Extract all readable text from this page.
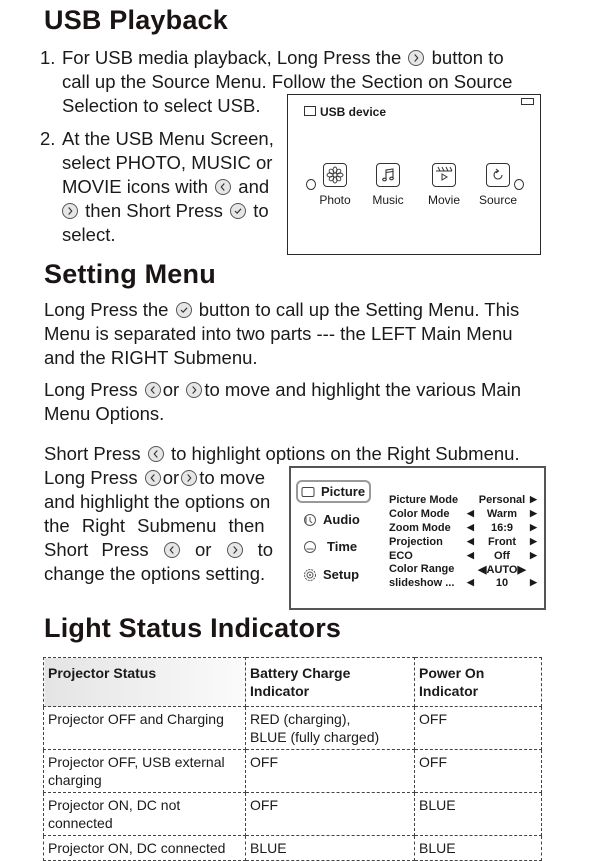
USB Playback
1. For USB media playback, Long Press the button to
call up the Source Menu. Follow the Section on Source
Selection to select USB.
2. At the USB Menu Screen,
select PHOTO, MUSIC or
MOVIE icons with and
then Short Press to
select.
USB device
Photo	Music	Movie	Source
Setting Menu
Long Press the button to call up the Setting Menu. This
Menu is separated into two parts --- the LEFT Main Menu
and the RIGHT Submenu.
Long Press or to move and highlight the various Main
Menu Options.
Short Press to highlight options on the Right Submenu.
Long Press or to move
and highlight the options on
the Right Submenu then
Short Press	or	to
change the options setting.
Picture
Audio
Time
Setup
Picture Mode	Personal ▶
Color Mode ◀	Warm	▶
Zoom Mode ◀	16:9	▶
Projection	◀	Front	▶
ECO	◀	Off	▶
Color Range ◀AUTO▶
slideshow ... ◀	10	▶
Light Status Indicators
Projector Status	Battery Charge Indicator	Power On Indicator
Projector OFF and Charging	RED (charging),
BLUE (fully charged)	OFF
Projector OFF, USB external
charging	OFF	OFF
Projector ON, DC not connected	OFF	BLUE
Projector ON, DC connected	BLUE	BLUE
